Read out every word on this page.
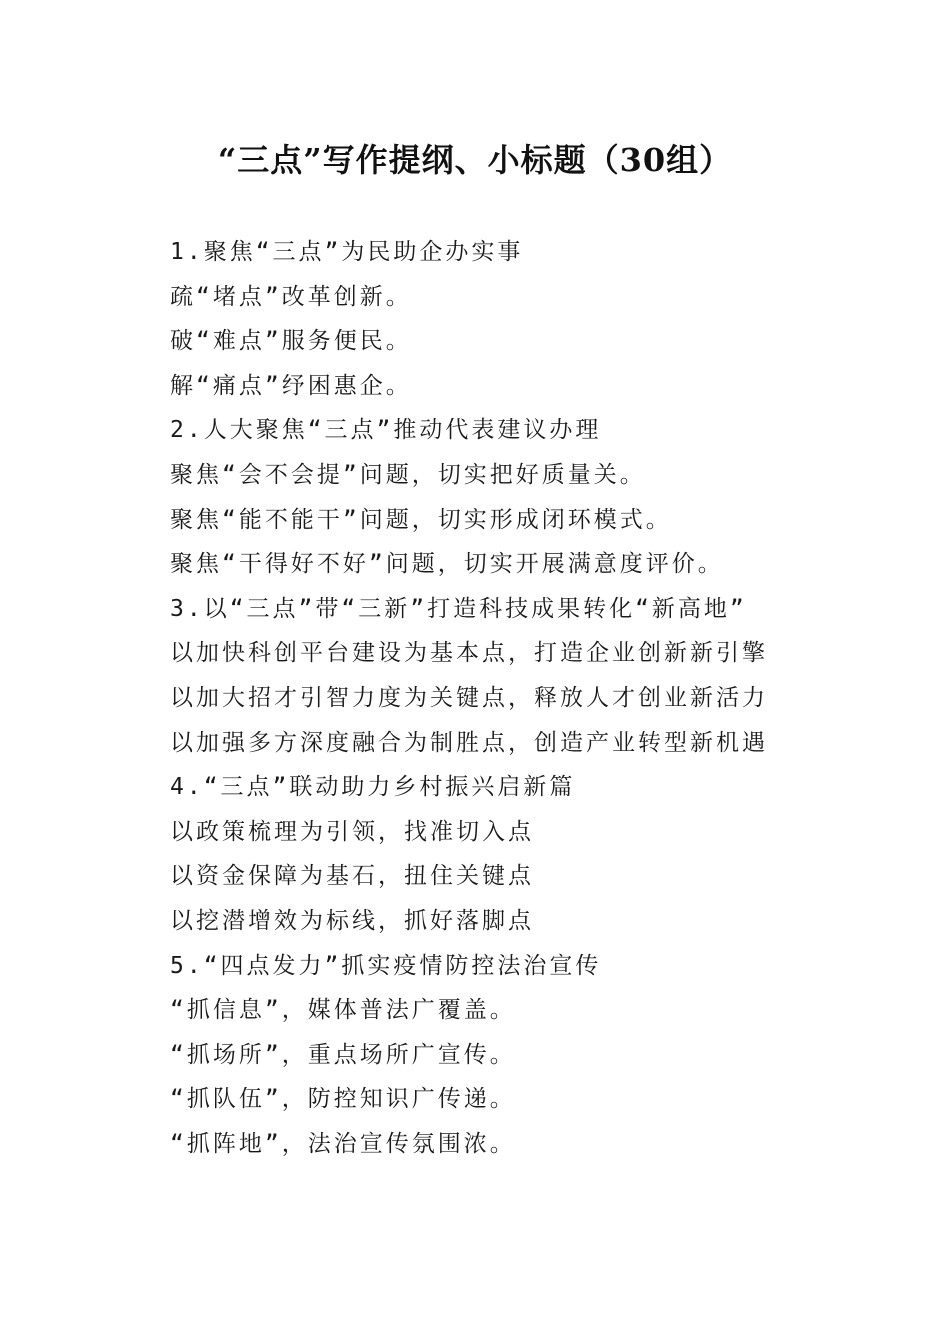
“三点”写作提纲、小标题（30组）
1.聚焦“三点”为民助企办实事
疏“堵点”改革创新。
破“难点”服务便民。
解“痛点”纾困惠企。
2.人大聚焦“三点”推动代表建议办理
聚焦“会不会提”问题，切实把好质量关。
聚焦“能不能干”问题，切实形成闭环模式。
聚焦“干得好不好”问题，切实开展满意度评价。
3.以“三点”带“三新”打造科技成果转化“新高地”
以加快科创平台建设为基本点，打造企业创新新引擎
以加大招才引智力度为关键点，释放人才创业新活力
以加强多方深度融合为制胜点，创造产业转型新机遇
4.“三点”联动助力乡村振兴启新篇
以政策梳理为引领，找准切入点
以资金保障为基石，扭住关键点
以挖潜增效为标线，抓好落脚点
5.“四点发力”抓实疫情防控法治宣传
“抓信息”，媒体普法广覆盖。
“抓场所”，重点场所广宣传。
“抓队伍”，防控知识广传递。
“抓阵地”，法治宣传氛围浓。
